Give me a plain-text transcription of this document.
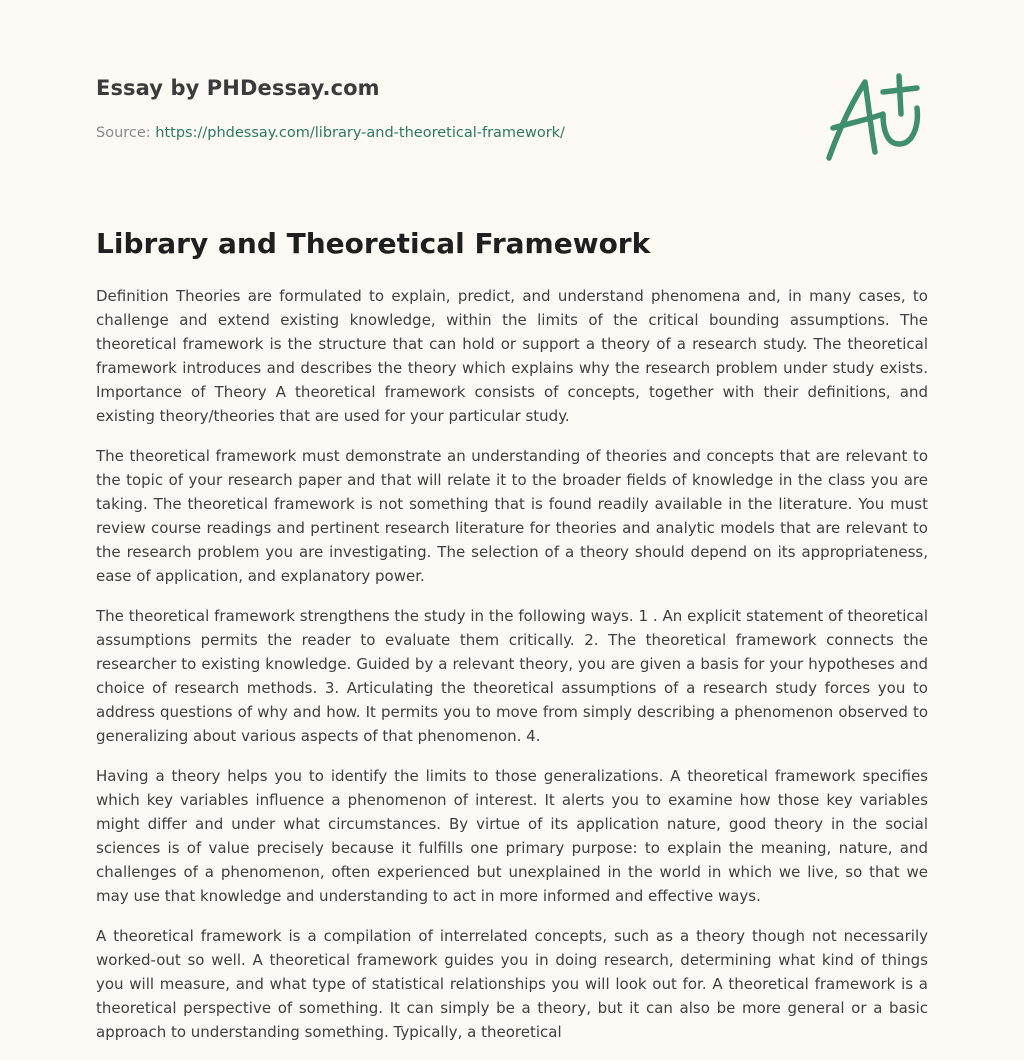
Essay by PHDessay.com
Source: https://phdessay.com/library-and-theoretical-framework/
Library and Theoretical Framework

Definition Theories are formulated to explain, predict, and understand phenomena and, in many cases, to challenge and extend existing knowledge, within the limits of the critical bounding assumptions. The theoretical framework is the structure that can hold or support a theory of a research study. The theoretical framework introduces and describes the theory which explains why the research problem under study exists. Importance of Theory A theoretical framework consists of concepts, together with their definitions, and existing theory/theories that are used for your particular study.

The theoretical framework must demonstrate an understanding of theories and concepts that are relevant to the topic of your research paper and that will relate it to the broader fields of knowledge in the class you are taking. The theoretical framework is not something that is found readily available in the literature. You must review course readings and pertinent research literature for theories and analytic models that are relevant to the research problem you are investigating. The selection of a theory should depend on its appropriateness, ease of application, and explanatory power.

The theoretical framework strengthens the study in the following ways. 1 . An explicit statement of theoretical assumptions permits the reader to evaluate them critically. 2. The theoretical framework connects the researcher to existing knowledge. Guided by a relevant theory, you are given a basis for your hypotheses and choice of research methods. 3. Articulating the theoretical assumptions of a research study forces you to address questions of why and how. It permits you to move from simply describing a phenomenon observed to generalizing about various aspects of that phenomenon. 4.

Having a theory helps you to identify the limits to those generalizations. A theoretical framework specifies which key variables influence a phenomenon of interest. It alerts you to examine how those key variables might differ and under what circumstances. By virtue of its application nature, good theory in the social sciences is of value precisely because it fulfills one primary purpose: to explain the meaning, nature, and challenges of a phenomenon, often experienced but unexplained in the world in which we live, so that we may use that knowledge and understanding to act in more informed and effective ways.

A theoretical framework is a compilation of interrelated concepts, such as a theory though not necessarily worked-out so well. A theoretical framework guides you in doing research, determining what kind of things you will measure, and what type of statistical relationships you will look out for. A theoretical framework is a theoretical perspective of something. It can simply be a theory, but it can also be more general or a basic approach to understanding something. Typically, a theoretical
